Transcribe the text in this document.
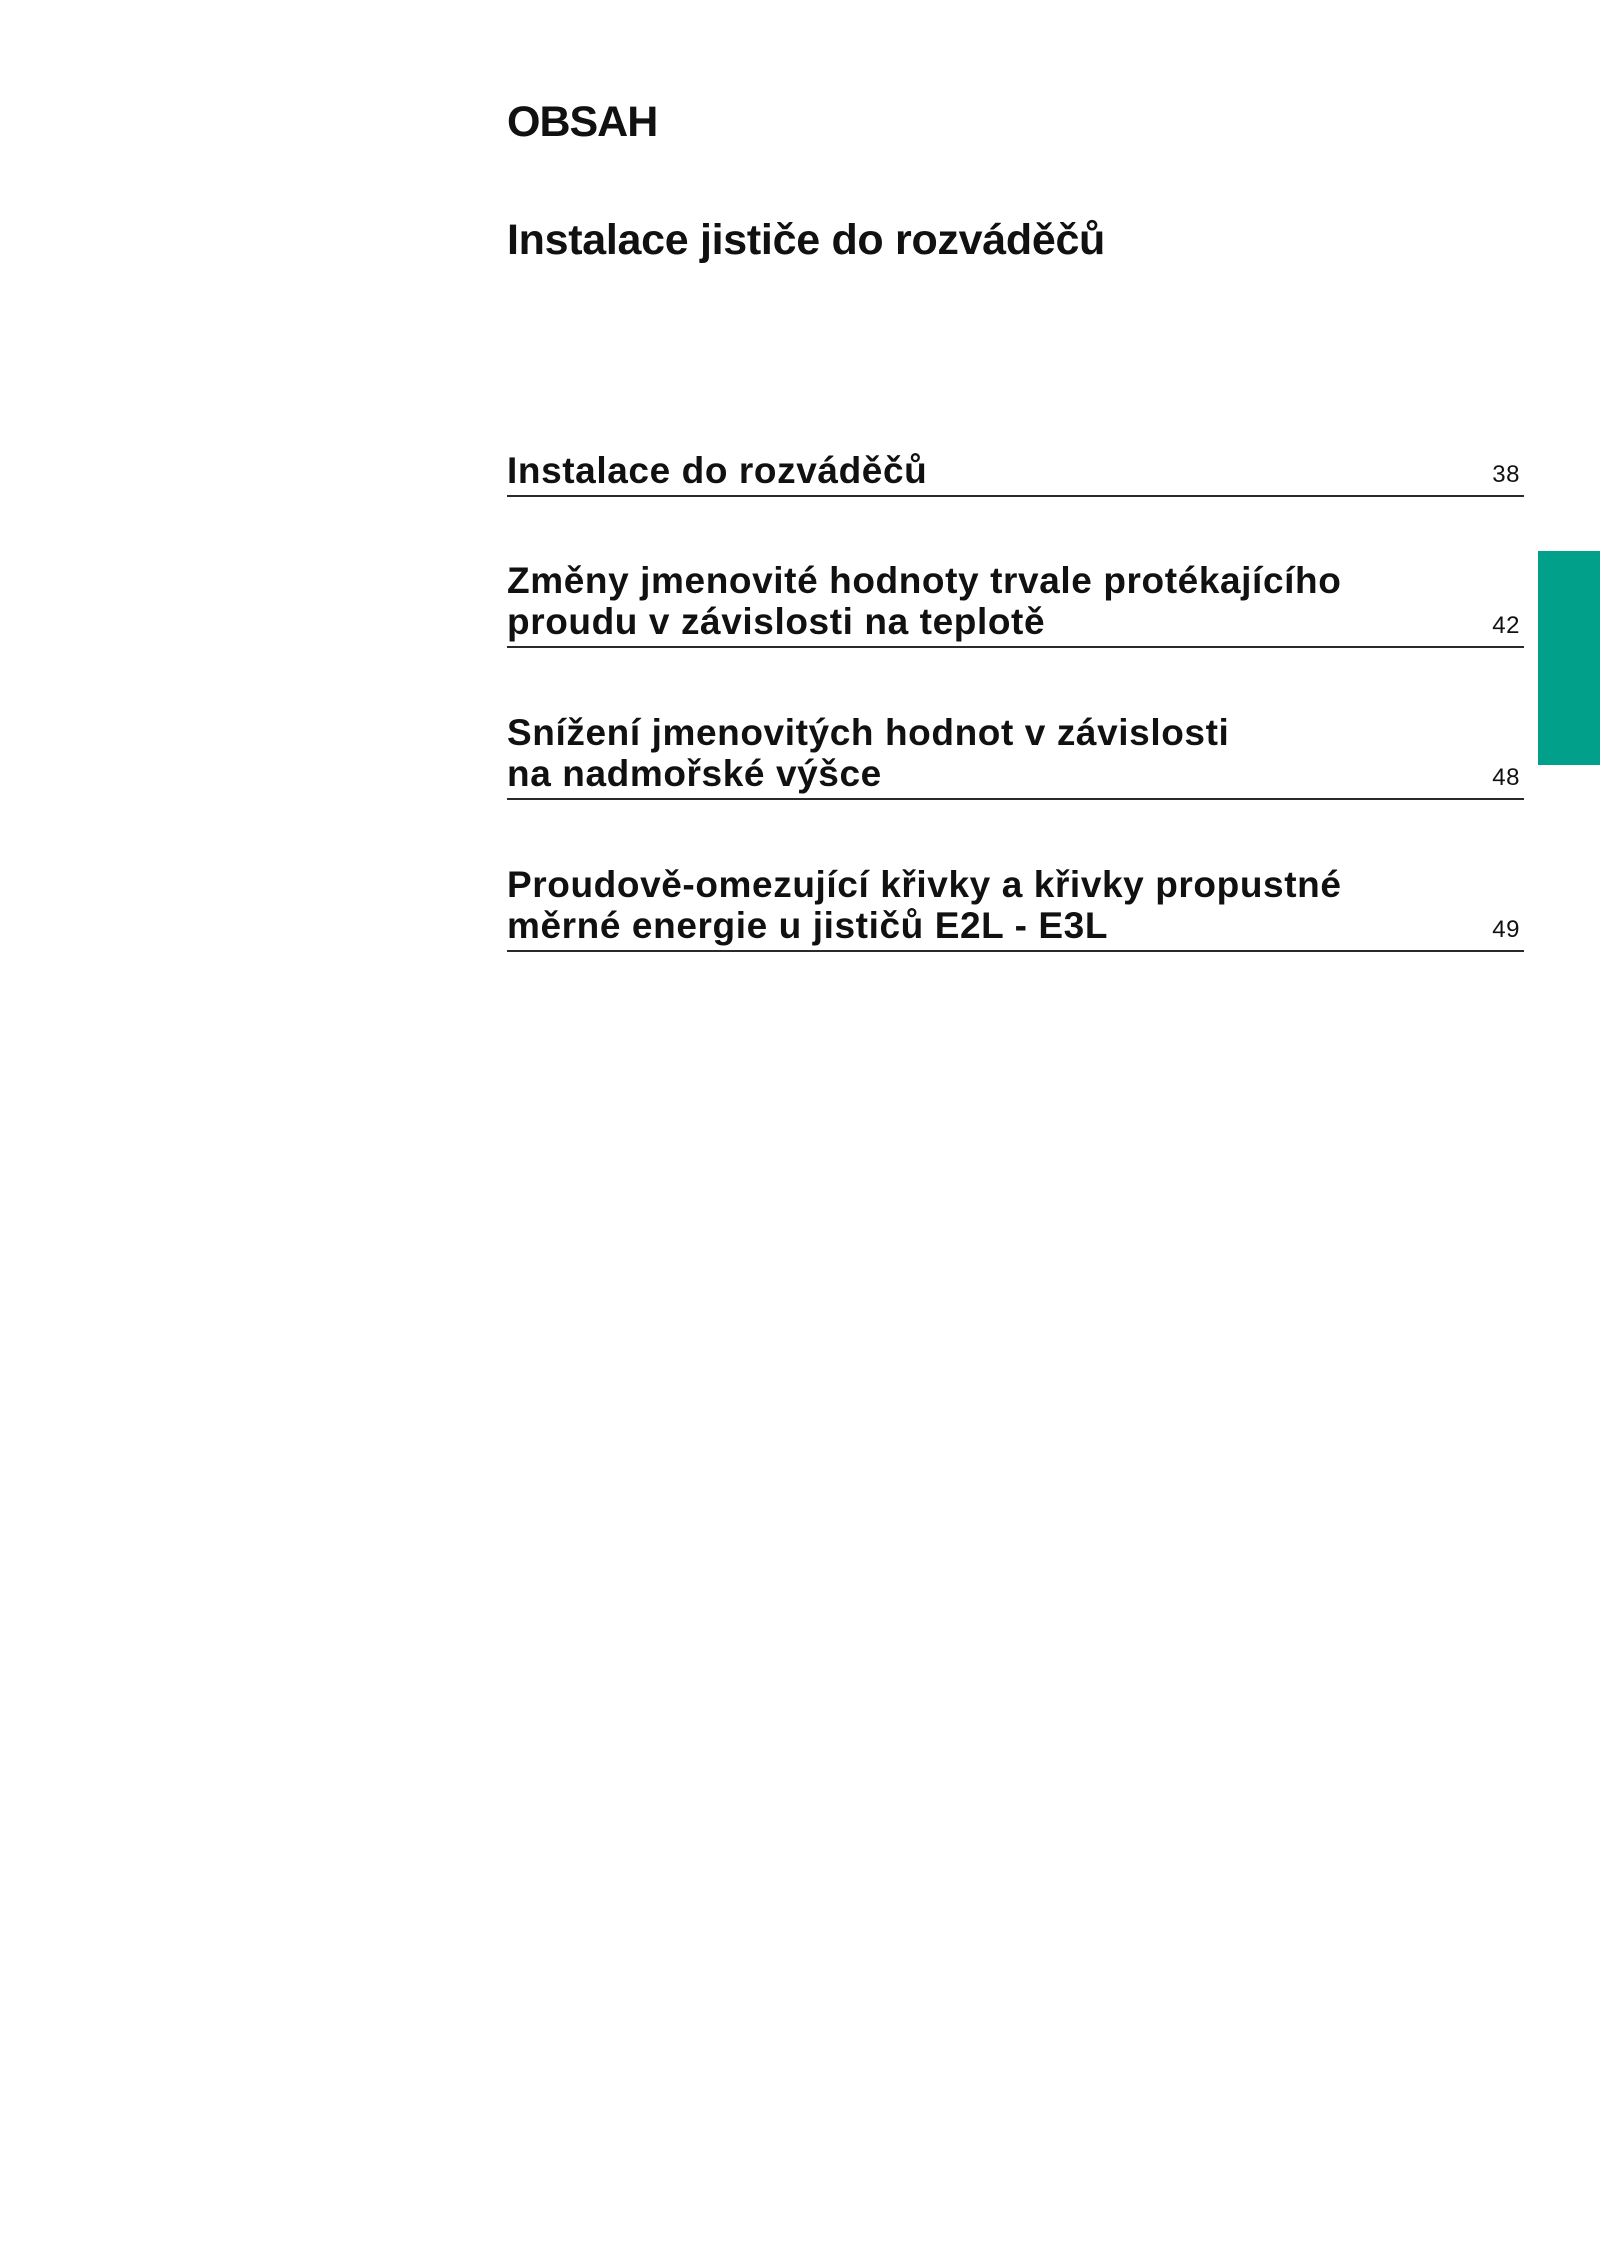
OBSAH
Instalace jističe do rozváděčů
Instalace do rozváděčů	38
Změny jmenovité hodnoty trvale protékajícího
proudu v závislosti na teplotě	42
Snížení jmenovitých hodnot v závislosti
na nadmořské výšce	48
Proudově-omezující křivky a křivky propustné
měrné energie u jističů E2L - E3L	49
